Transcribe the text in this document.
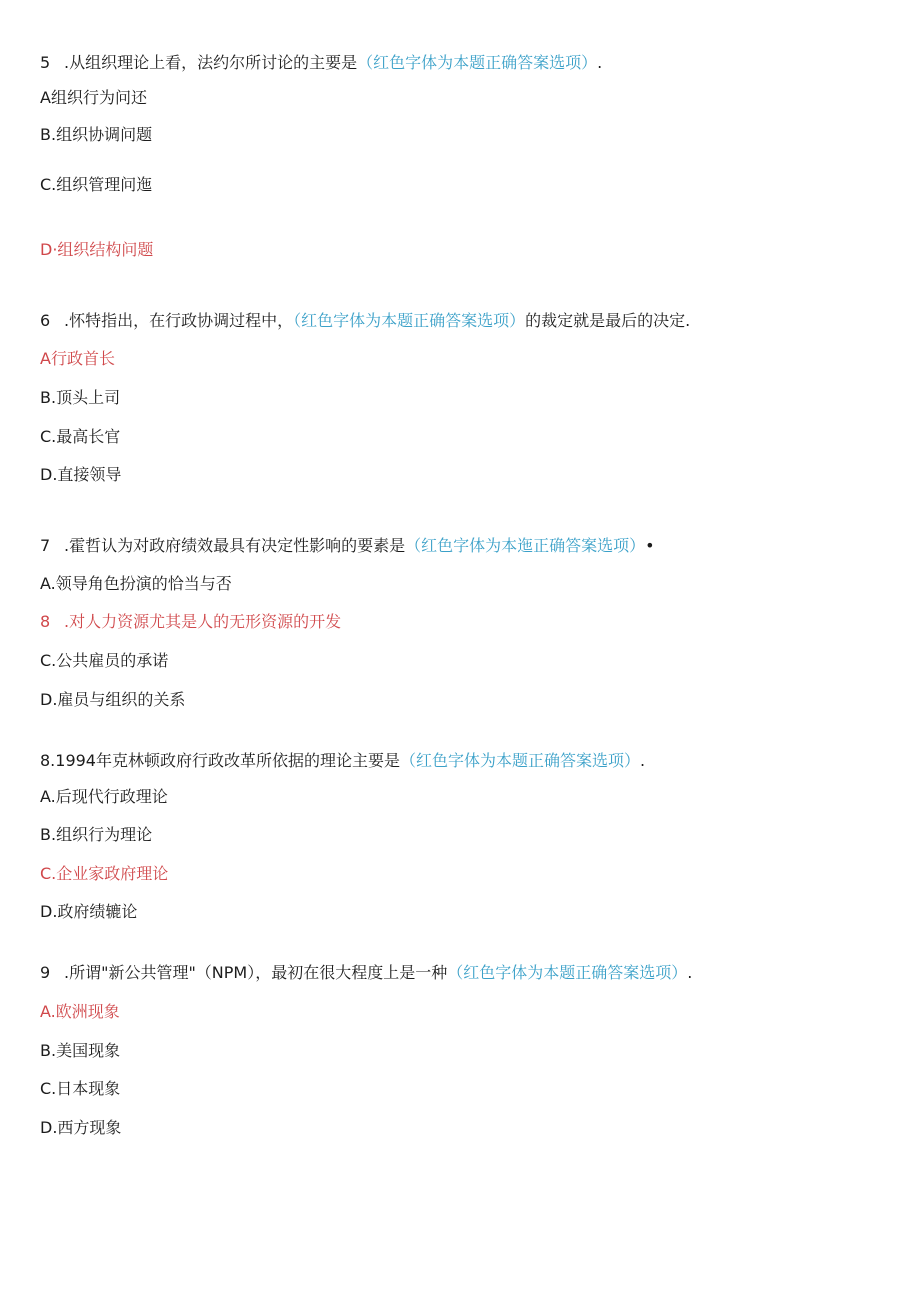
5 .从组织理论上看，法约尔所讨论的主要是（红色字体为本题正确答案选项）.
A组织行为问还
B.组织协调问题
C.组织管理问迤
D·组织结构问题
6 .怀特指出，在行政协调过程中，（红色字体为本题正确答案选项）的裁定就是最后的决定.
A行政首长
B.顶头上司
C.最高长官
D.直接领导
7 .霍哲认为对政府绩效最具有决定性影响的要素是（红色字体为本迤正确答案选项）•
A.领导角色扮演的恰当与否
8 .对人力资源尤其是人的无形资源的开发
C.公共雇员的承诺
D.雇员与组织的关系
8.1994年克林顿政府行政改革所依据的理论主要是（红色字体为本题正确答案选项）.
A.后现代行政理论
B.组织行为理论
C.企业家政府理论
D.政府绩辘论
9 .所谓"新公共管理"（NPM），最初在很大程度上是一种（红色字体为本题正确答案选项）.
A.欧洲现象
B.美国现象
C.日本现象
D.西方现象
